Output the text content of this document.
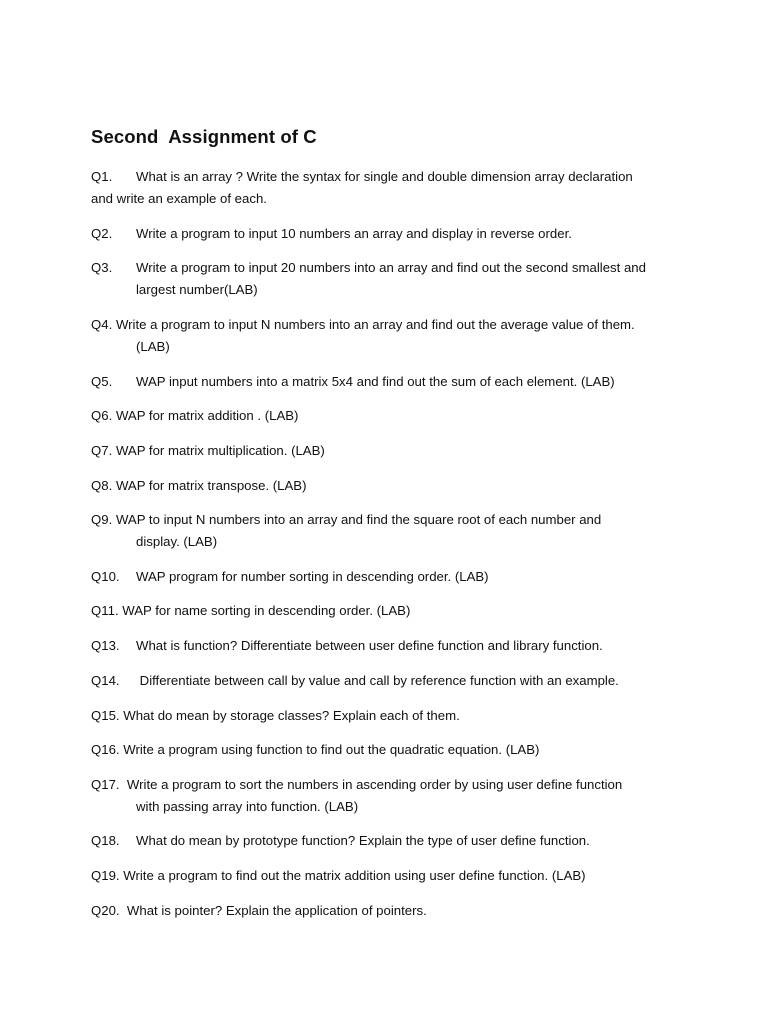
Second  Assignment of C
Q1. What is an array ? Write the syntax for single and double dimension array declaration
and write an example of each.
Q2. Write a program to input 10 numbers an array and display in reverse order.
Q3. Write a program to input 20 numbers into an array and find out the second smallest and
largest number(LAB)
Q4. Write a program to input N numbers into an array and find out the average value of them.
(LAB)
Q5. WAP input numbers into a matrix 5x4 and find out the sum of each element. (LAB)
Q6. WAP for matrix addition . (LAB)
Q7. WAP for matrix multiplication. (LAB)
Q8. WAP for matrix transpose. (LAB)
Q9. WAP to input N numbers into an array and find the square root of each number and
display. (LAB)
Q10. WAP program for number sorting in descending order. (LAB)
Q11. WAP for name sorting in descending order. (LAB)
Q13. What is function? Differentiate between user define function and library function.
Q14. Differentiate between call by value and call by reference function with an example.
Q15. What do mean by storage classes? Explain each of them.
Q16. Write a program using function to find out the quadratic equation. (LAB)
Q17.  Write a program to sort the numbers in ascending order by using user define function
with passing array into function. (LAB)
Q18. What do mean by prototype function? Explain the type of user define function.
Q19. Write a program to find out the matrix addition using user define function. (LAB)
Q20.  What is pointer? Explain the application of pointers.
